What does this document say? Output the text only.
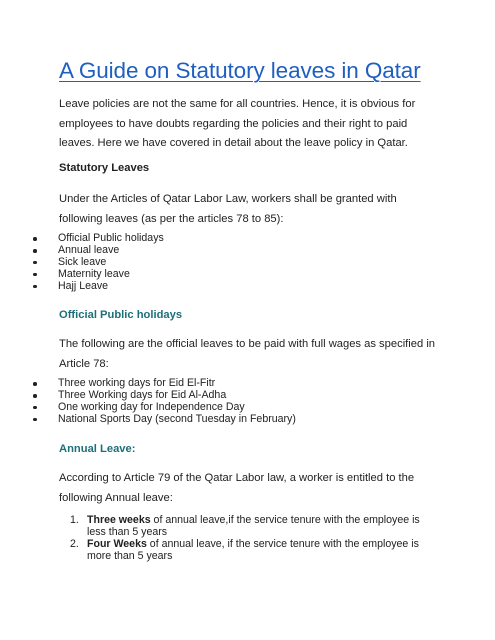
A Guide on Statutory leaves in Qatar

Leave policies are not the same for all countries. Hence, it is obvious for employees to have doubts regarding the policies and their right to paid leaves. Here we have covered in detail about the leave policy in Qatar.

Statutory Leaves

Under the Articles of Qatar Labor Law, workers shall be granted with following leaves (as per the articles 78 to 85):

Official Public holidays
Annual leave
Sick leave
Maternity leave
Hajj Leave
Official Public holidays

The following are the official leaves to be paid with full wages as specified in Article 78:

Three working days for Eid El-Fitr
Three Working days for Eid Al-Adha
One working day for Independence Day
National Sports Day (second Tuesday in February)
Annual Leave:

According to Article 79 of the Qatar Labor law, a worker is entitled to the following Annual leave:

1. Three weeks of annual leave,if the service tenure with the employee is less than 5 years
2. Four Weeks of annual leave, if the service tenure with the employee is more than 5 years
